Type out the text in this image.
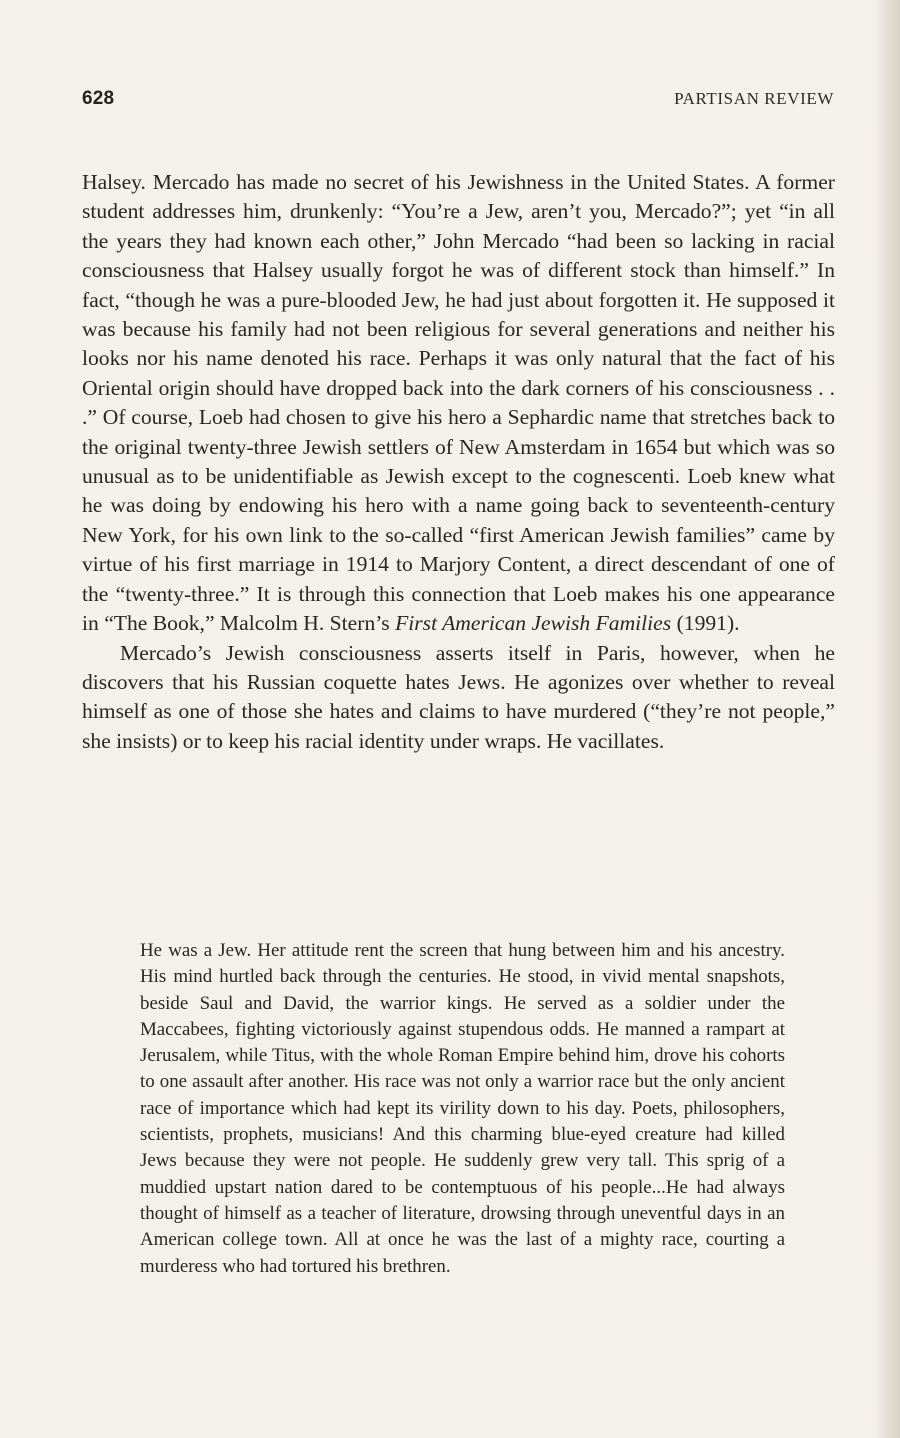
628	PARTISAN REVIEW

Halsey. Mercado has made no secret of his Jewishness in the United States. A former student addresses him, drunkenly: “You’re a Jew, aren’t you, Mercado?”; yet “in all the years they had known each other,” John Mercado “had been so lacking in racial consciousness that Halsey usually forgot he was of different stock than himself.” In fact, “though he was a pure-blooded Jew, he had just about forgotten it. He supposed it was because his family had not been religious for several generations and neither his looks nor his name denoted his race. Perhaps it was only natural that the fact of his Oriental origin should have dropped back into the dark corners of his consciousness . . .” Of course, Loeb had chosen to give his hero a Sephardic name that stretches back to the original twenty-three Jewish settlers of New Amsterdam in 1654 but which was so unusual as to be unidentifiable as Jewish except to the cognescenti. Loeb knew what he was doing by endowing his hero with a name going back to seventeenth-century New York, for his own link to the so-called “first American Jewish families” came by virtue of his first marriage in 1914 to Marjory Content, a direct descendant of one of the “twenty-three.” It is through this connection that Loeb makes his one appearance in “The Book,” Malcolm H. Stern’s First American Jewish Families (1991).

Mercado’s Jewish consciousness asserts itself in Paris, however, when he discovers that his Russian coquette hates Jews. He agonizes over whether to reveal himself as one of those she hates and claims to have murdered (“they’re not people,” she insists) or to keep his racial identity under wraps. He vacillates.

He was a Jew. Her attitude rent the screen that hung between him and his ancestry. His mind hurtled back through the centuries. He stood, in vivid mental snapshots, beside Saul and David, the warrior kings. He served as a soldier under the Maccabees, fighting victoriously against stupendous odds. He manned a rampart at Jerusalem, while Titus, with the whole Roman Empire behind him, drove his cohorts to one assault after another. His race was not only a warrior race but the only ancient race of importance which had kept its virility down to his day. Poets, philosophers, scientists, prophets, musicians! And this charming blue-eyed creature had killed Jews because they were not people. He suddenly grew very tall. This sprig of a muddied upstart nation dared to be contemptuous of his people...He had always thought of himself as a teacher of literature, drowsing through uneventful days in an American college town. All at once he was the last of a mighty race, courting a murderess who had tortured his brethren.
